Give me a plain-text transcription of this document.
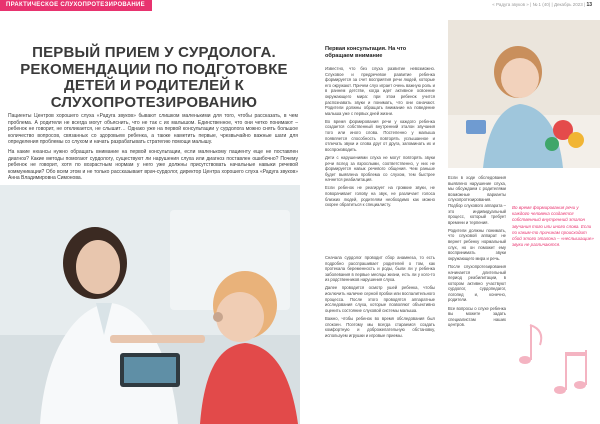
ПРАКТИЧЕСКОЕ СЛУХОПРОТЕЗИРОВАНИЕ	« Радуга звуков » | № 1 (40) | Декабрь 2023 | 13
ПЕРВЫЙ ПРИЕМ У СУРДОЛОГА. РЕКОМЕНДАЦИИ ПО ПОДГОТОВКЕ ДЕТЕЙ И РОДИТЕЛЕЙ К СЛУХОПРОТЕЗИРОВАНИЮ

Пациенты Центров хорошего слуха «Радуга звуков» бывают слишком маленькими для того, чтобы рассказать, в чем проблема. А родители не всегда могут объяснить, что не так с их малышом. Единственное, что они четко понимают – ребенок не говорит, не откликается, не слышит… Однако уже на первой консультации у сурдолога можно снять большое количество вопросов, связанных со здоровьем ребенка, а также наметить первые, чрезвычайно важные шаги для определения проблемы со слухом и начать разрабатывать стратегию помощи малышу.

На какие нюансы нужно обращать внимание на первой консультации, если маленькому пациенту еще не поставлен диагноз? Какие методы помогают сурдологу, существуют ли нарушения слуха или диагноз поставлен ошибочно? Почему ребенок не говорит, хотя по возрастным нормам у него уже должны присутствовать начальные навыки речевой коммуникации? Обо всем этом и не только рассказывает врач-сурдолог, директор Центра хорошего слуха «Радуга звуков» Анна Владимировна Симонова.

Первая консультация. На что обращаем внимание

Известно, что без слуха развитие невозможно. Слуховое и предречевое развитие ребенка формируется за счет восприятия речи людей, которые его окружают. Причем слух играет очень важную роль и в раннем детстве, когда идет активное освоение окружающего мира: при этом ребенок учится распознавать звуки и понимать, что они означают. Родители должны обращать внимание на поведение малыша уже с первых дней жизни.

Во время формирования речи у каждого ребенка создается собственный внутренний эталон звучания того или иного слова. Постепенно у малыша появляется способность повторять услышанное и отличать звуки и слова друг от друга, запоминать их и воспроизводить.

Дети с нарушениями слуха не могут повторять звуки речи вслед за взрослыми, соответственно, у них не формируется навык речевого общения. Чем раньше будет выявлена проблема со слухом, тем быстрее начнется реабилитация.

Если ребенок не реагирует на громкие звуки, не поворачивает голову на звук, не различает голоса близких людей, родителям необходимо как можно скорее обратиться к специалисту.

Сначала сурдолог проводит сбор анамнеза, то есть подробно расспрашивает родителей о том, как протекала беременность и роды, были ли у ребенка заболевания в первые месяцы жизни, есть ли у кого-то из родственников нарушения слуха.

Далее проводится осмотр ушей ребенка, чтобы исключить наличие серной пробки или воспалительного процесса. После этого проводятся аппаратные исследования слуха, которые позволяют объективно оценить состояние слуховой системы малыша.

Важно, чтобы ребенок во время обследования был спокоен. Поэтому мы всегда стараемся создать комфортную и доброжелательную обстановку, используем игрушки и игровые приемы.

Если в ходе обследования выявлено нарушение слуха, мы обсуждаем с родителями возможные варианты слухопротезирования. Подбор слухового аппарата – это индивидуальный процесс, который требует времени и терпения.

Родители должны понимать, что слуховой аппарат не вернет ребенку нормальный слух, но он поможет ему воспринимать звуки окружающего мира и речь.

После слухопротезирования начинается длительный период реабилитации, в котором активно участвуют сурдолог, сурдопедагог, логопед и, конечно, родители.

Все вопросы о слухе ребенка вы можете задать специалистам наших центров.

Во время формирования речи у каждого человека создается собственный внутренний эталон звучания того или иного слова. Если по каким-то причинам происходит сбой этого эталона – «неслышащие» звуки не различаются.
